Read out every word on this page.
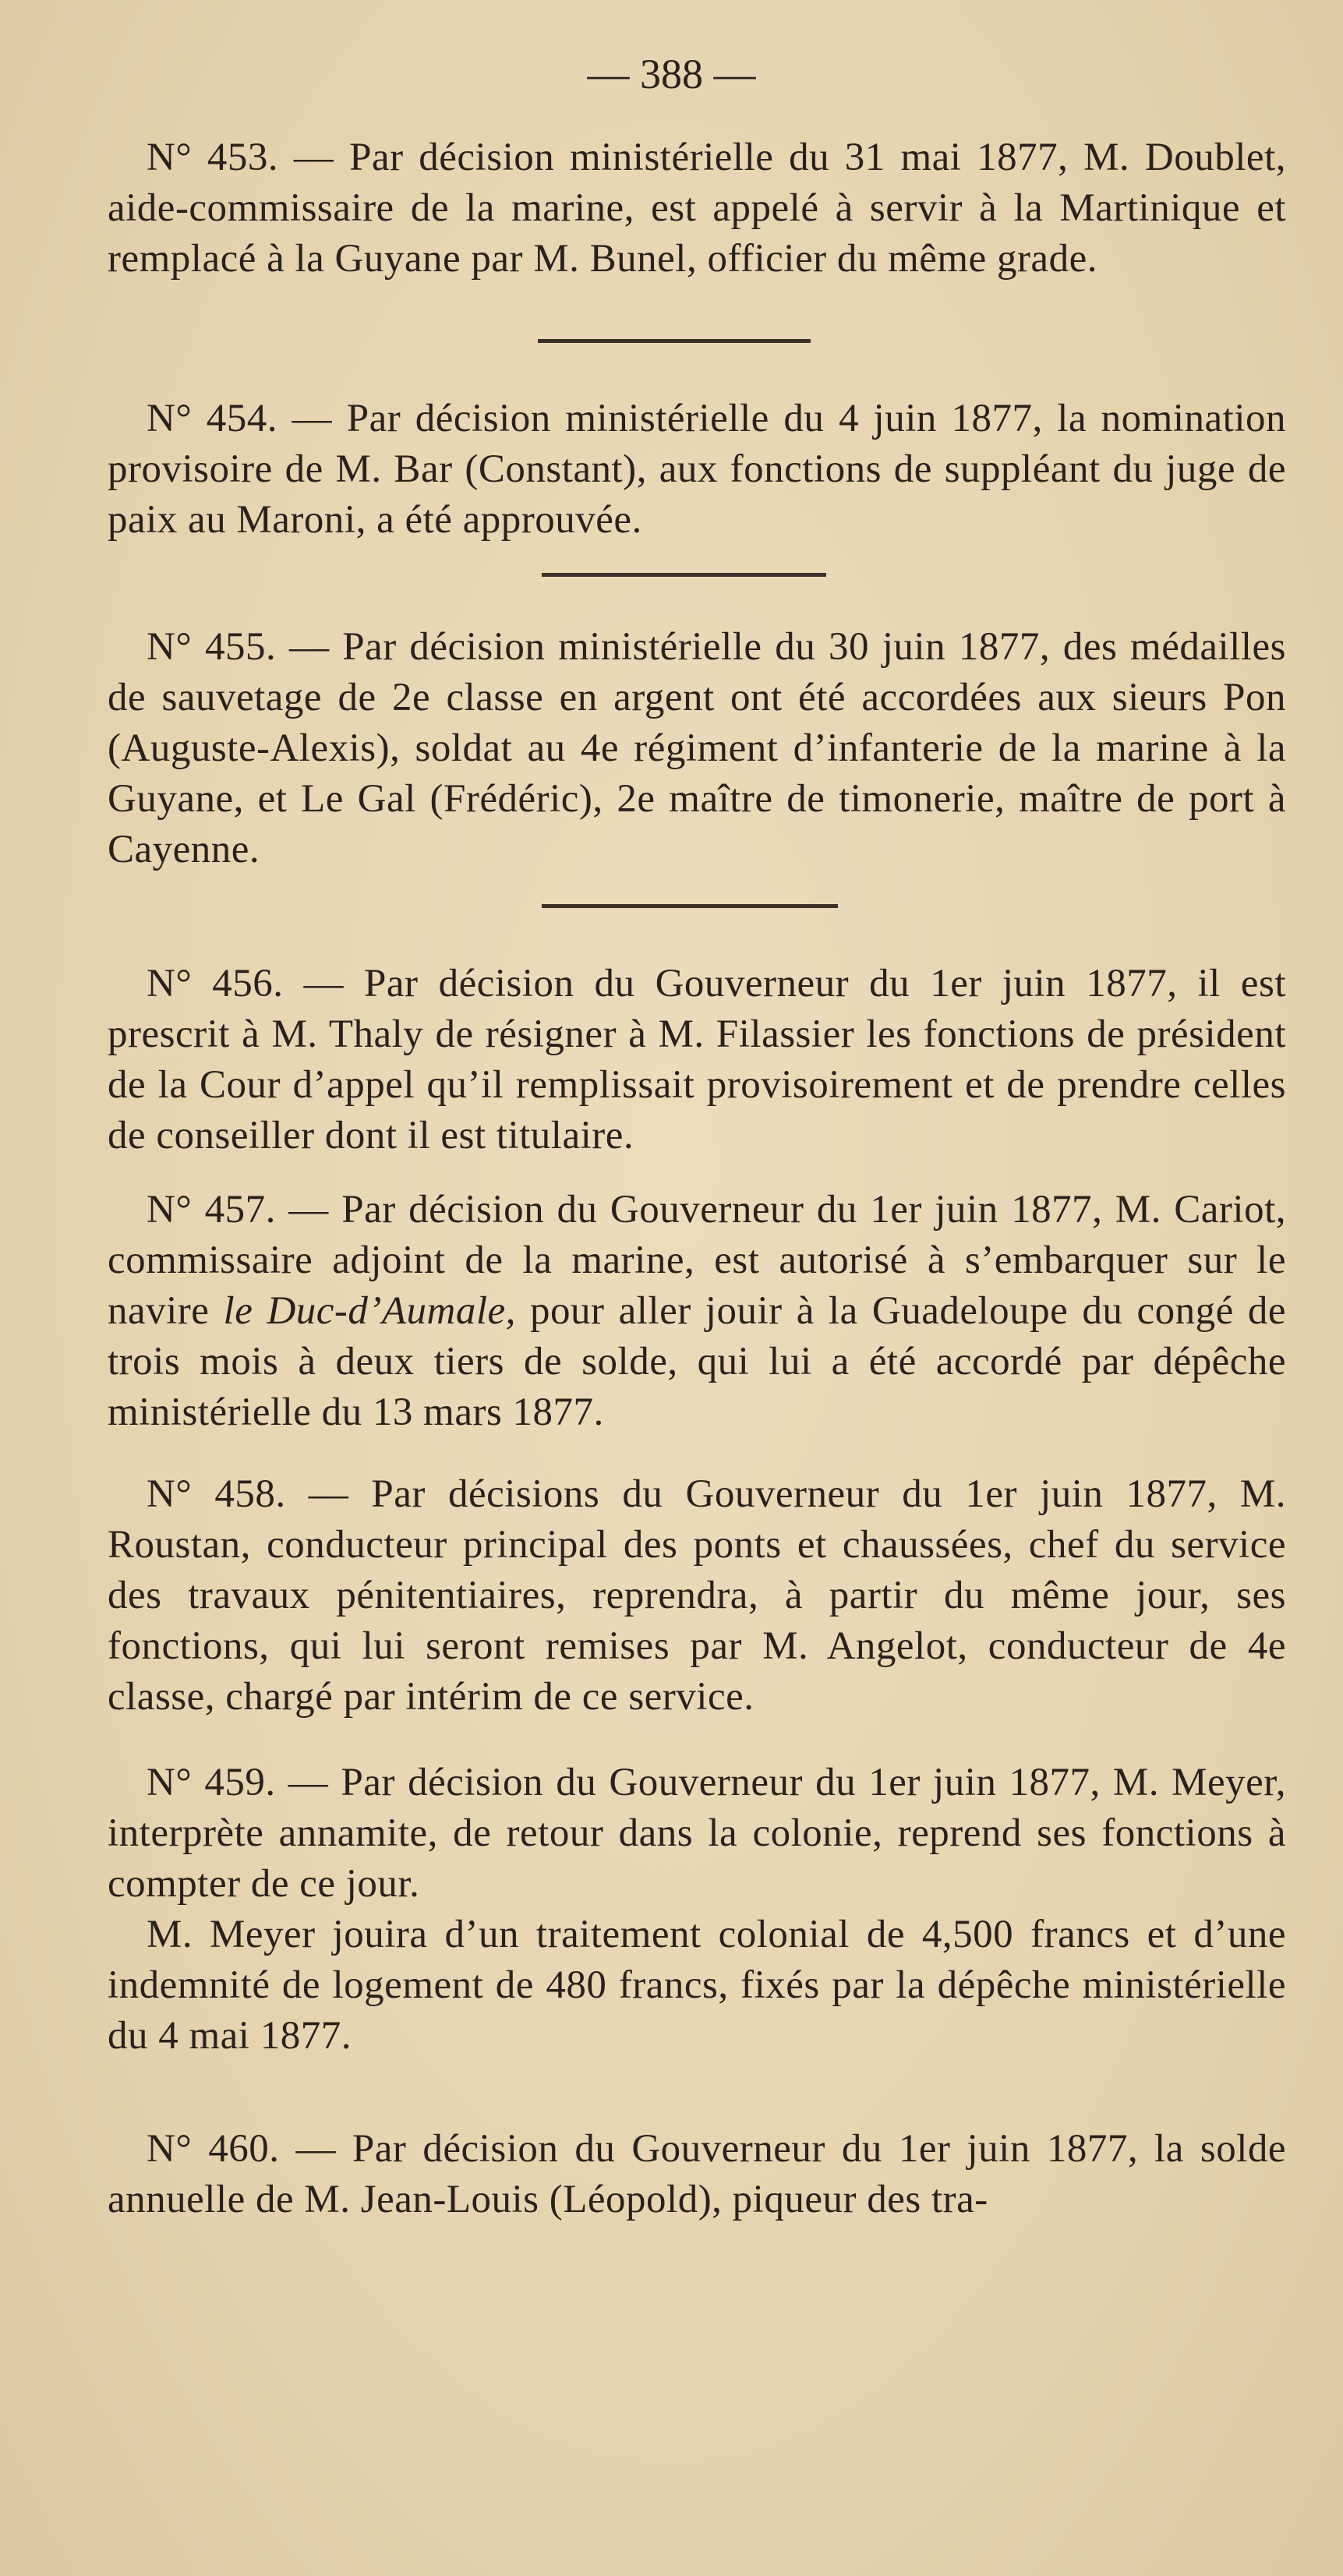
— 388 —

N° 453. — Par décision ministérielle du 31 mai 1877, M. Doublet, aide-commissaire de la marine, est appelé à servir à la Martinique et remplacé à la Guyane par M. Bunel, officier du même grade.

N° 454. — Par décision ministérielle du 4 juin 1877, la nomination provisoire de M. Bar (Constant), aux fonctions de suppléant du juge de paix au Maroni, a été approuvée.

N° 455. — Par décision ministérielle du 30 juin 1877, des médailles de sauvetage de 2e classe en argent ont été accordées aux sieurs Pon (Auguste-Alexis), soldat au 4e régiment d’infanterie de la marine à la Guyane, et Le Gal (Frédéric), 2e maître de timonerie, maître de port à Cayenne.

N° 456. — Par décision du Gouverneur du 1er juin 1877, il est prescrit à M. Thaly de résigner à M. Filassier les fonctions de président de la Cour d’appel qu’il remplissait provisoirement et de prendre celles de conseiller dont il est titulaire.

N° 457. — Par décision du Gouverneur du 1er juin 1877, M. Cariot, commissaire adjoint de la marine, est autorisé à s’embarquer sur le navire le Duc-d’Aumale, pour aller jouir à la Guadeloupe du congé de trois mois à deux tiers de solde, qui lui a été accordé par dépêche ministérielle du 13 mars 1877.

N° 458. — Par décisions du Gouverneur du 1er juin 1877, M. Roustan, conducteur principal des ponts et chaussées, chef du service des travaux pénitentiaires, reprendra, à partir du même jour, ses fonctions, qui lui seront remises par M. Angelot, conducteur de 4e classe, chargé par intérim de ce service.

N° 459. — Par décision du Gouverneur du 1er juin 1877, M. Meyer, interprète annamite, de retour dans la colonie, reprend ses fonctions à compter de ce jour.

M. Meyer jouira d’un traitement colonial de 4,500 francs et d’une indemnité de logement de 480 francs, fixés par la dépêche ministérielle du 4 mai 1877.

N° 460. — Par décision du Gouverneur du 1er juin 1877, la solde annuelle de M. Jean-Louis (Léopold), piqueur des tra-
